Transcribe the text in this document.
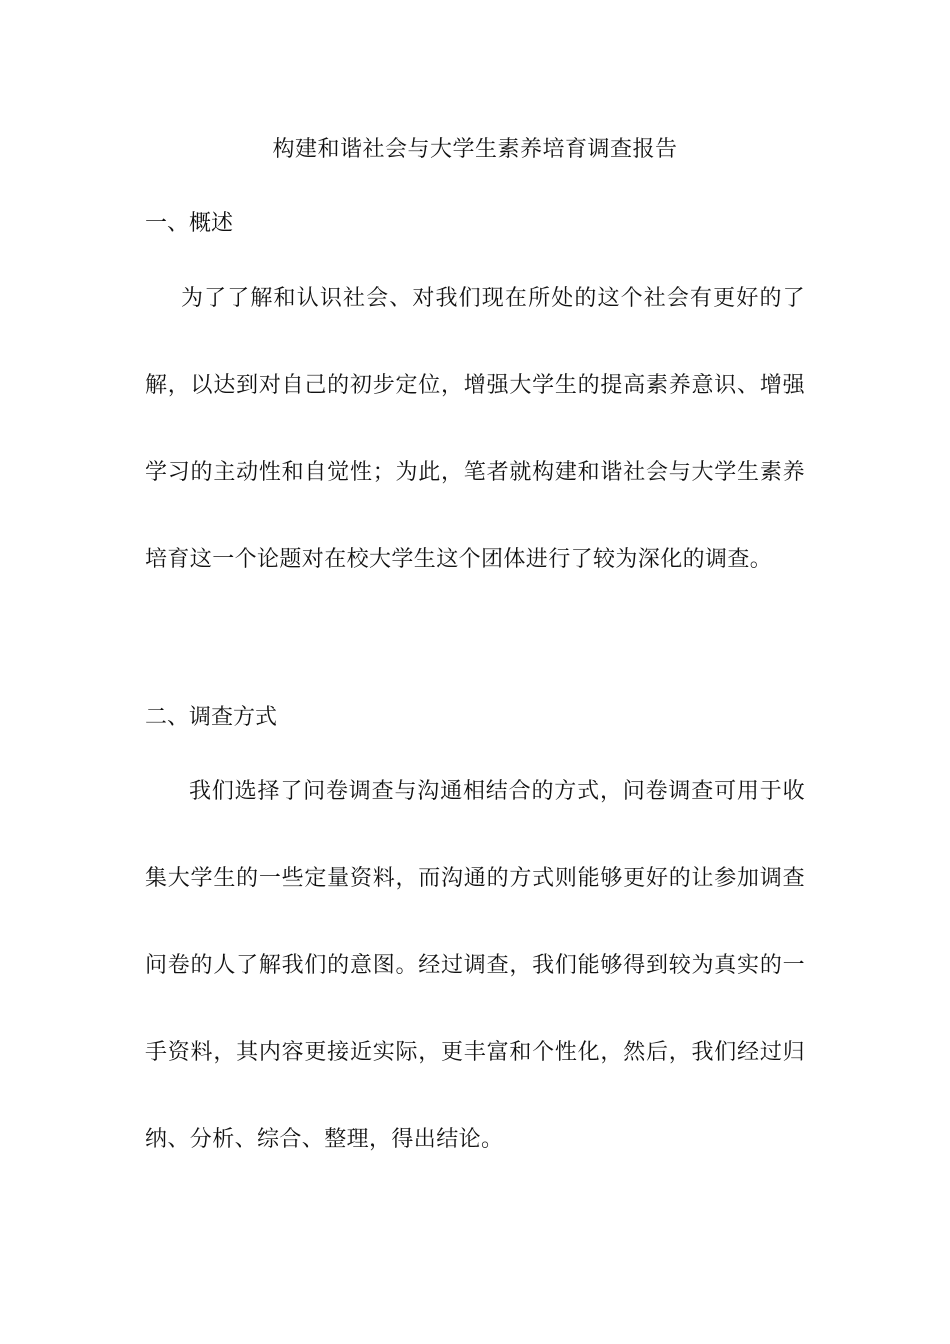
构建和谐社会与大学生素养培育调查报告
一、概述
为了了解和认识社会、对我们现在所处的这个社会有更好的了解，以达到对自己的初步定位，增强大学生的提高素养意识、增强学习的主动性和自觉性；为此，笔者就构建和谐社会与大学生素养培育这一个论题对在校大学生这个团体进行了较为深化的调查。
二、调查方式
我们选择了问卷调查与沟通相结合的方式，问卷调查可用于收集大学生的一些定量资料，而沟通的方式则能够更好的让参加调查问卷的人了解我们的意图。经过调查，我们能够得到较为真实的一手资料，其内容更接近实际，更丰富和个性化，然后，我们经过归纳、分析、综合、整理，得出结论。
